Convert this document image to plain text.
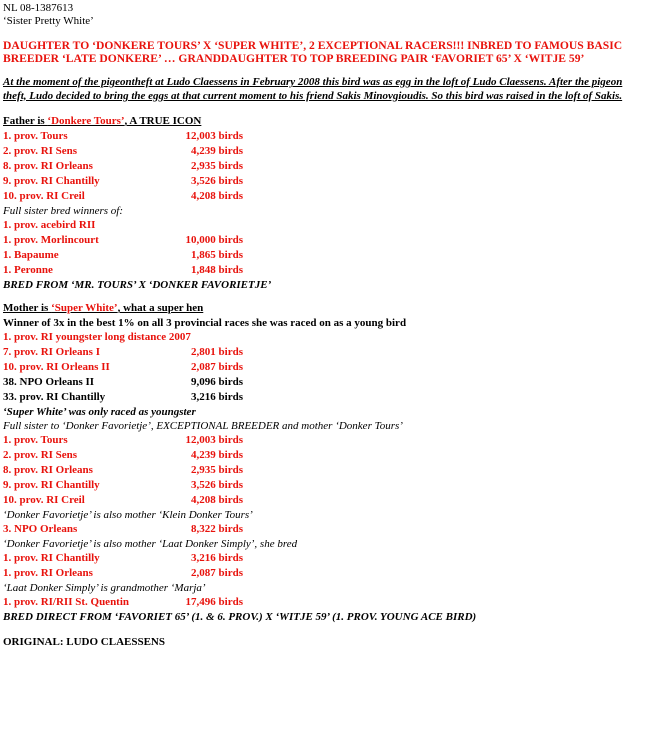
NL 08-1387613
‘Sister Pretty White’
DAUGHTER TO ‘DONKERE TOURS’ X ‘SUPER WHITE’, 2 EXCEPTIONAL RACERS!!! INBRED TO FAMOUS BASIC BREEDER ‘LATE DONKERE’ … GRANDDAUGHTER TO TOP BREEDING PAIR ‘FAVORIET 65’ X ‘WITJE 59’
At the moment of the pigeontheft at Ludo Claessens in February 2008 this bird was as egg in the loft of Ludo Claessens. After the pigeon theft, Ludo decided to bring the eggs at that current moment to his friend Sakis Minovgioudis. So this bird was raised in the loft of Sakis.
Father is ‘Donkere Tours’, A TRUE ICON
1. prov. Tours	12,003 birds
2. prov. RI Sens	4,239 birds
8. prov. RI Orleans	2,935 birds
9. prov. RI Chantilly	3,526 birds
10. prov. RI Creil	4,208 birds
Full sister bred winners of:
1. prov. acebird RII
1. prov. Morlincourt	10,000 birds
1. Bapaume	1,865 birds
1. Peronne	1,848 birds
BRED FROM ‘MR. TOURS’ X ‘DONKER FAVORIETJE’
Mother is ‘Super White’, what a super hen
Winner of 3x in the best 1% on all 3 provincial races she was raced on as a young bird
1. prov. RI youngster long distance 2007
7. prov. RI Orleans I	2,801 birds
10. prov. RI Orleans II	2,087 birds
38. NPO Orleans II	9,096 birds
33. prov. RI Chantilly	3,216 birds
‘Super White’ was only raced as youngster
Full sister to ‘Donker Favorietje’, EXCEPTIONAL BREEDER and mother ‘Donker Tours’
1. prov. Tours	12,003 birds
2. prov. RI Sens	4,239 birds
8. prov. RI Orleans	2,935 birds
9. prov. RI Chantilly	3,526 birds
10. prov. RI Creil	4,208 birds
‘Donker Favorietje’ is also mother ‘Klein Donker Tours’
3. NPO Orleans	8,322 birds
‘Donker Favorietje’ is also mother ‘Laat Donker Simply’, she bred
1. prov. RI Chantilly	3,216 birds
1. prov. RI Orleans	2,087 birds
‘Laat Donker Simply’ is grandmother ‘Marja’
1. prov. RI/RII St. Quentin	17,496 birds
BRED DIRECT FROM ‘FAVORIET 65’ (1. & 6. PROV.) X ‘WITJE 59’ (1. PROV. YOUNG ACE BIRD)
ORIGINAL: LUDO CLAESSENS
